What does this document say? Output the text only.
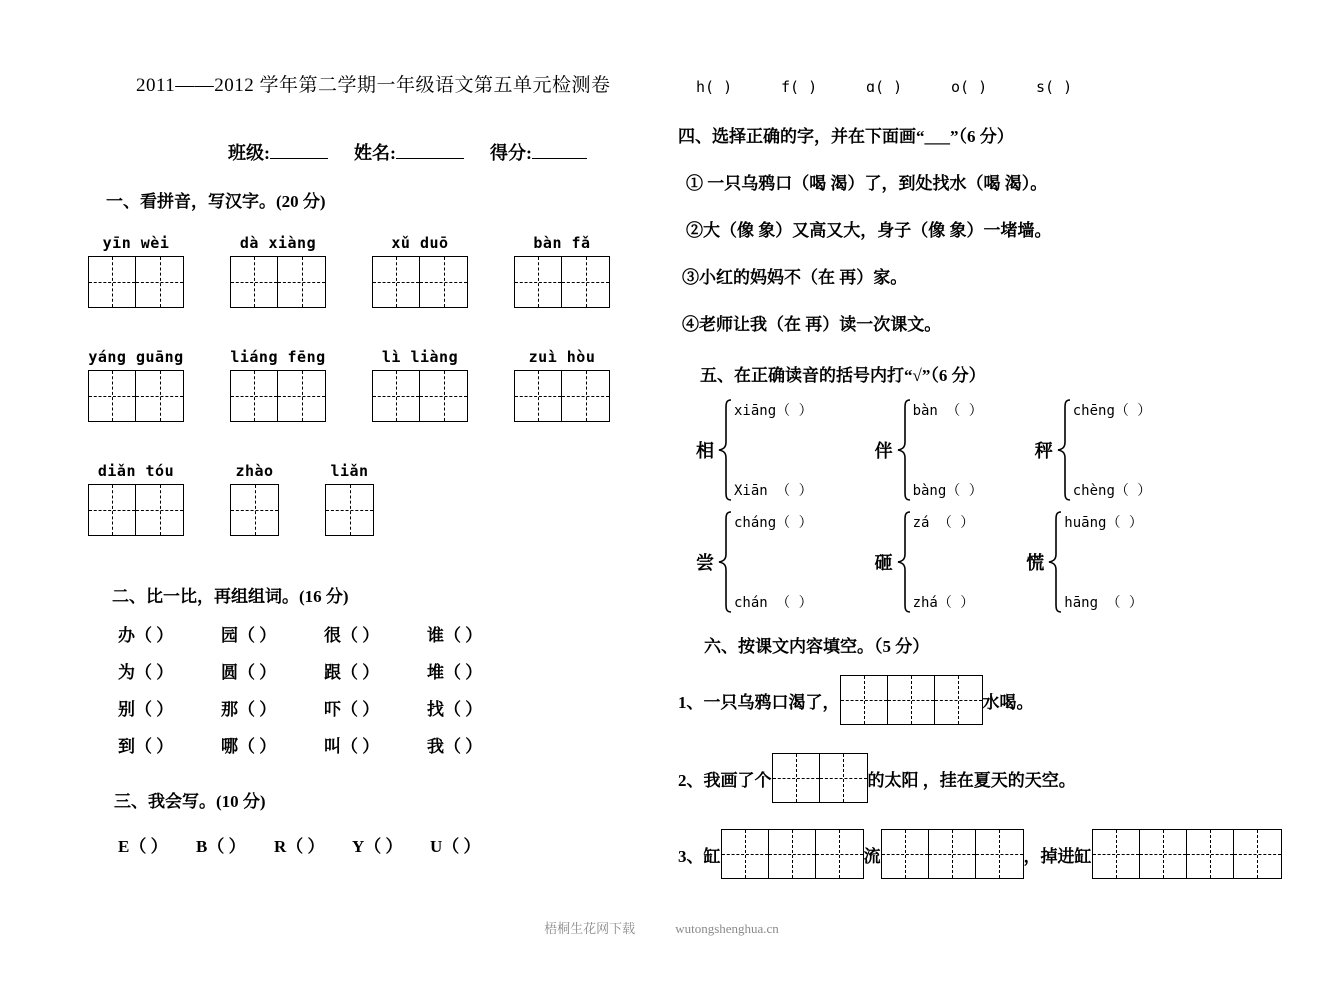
2011——2012 学年第二学期一年级语文第五单元检测卷
班级:	姓名:	得分:
一、看拼音，写汉字。(20 分)
yīn wèi	dà xiàng	xǔ duō	bàn fǎ
yáng guāng	liáng fēng	lì liàng	zuì hòu
diǎn tóu	zhào	liǎn
二、比一比，再组组词。(16 分)
办（ ）	园（ ）	很（ ）	谁（ ）
为（ ）	圆（ ）	跟（ ）	堆（ ）
别（ ）	那（ ）	吓（ ）	找（ ）
到（ ）	哪（ ）	叫（ ）	我（ ）
三、我会写。(10 分)
E（ ） B（ ） R（ ） Y（ ） U（ ）
h( )	f( )	ɑ( )	o( )	s( )
四、选择正确的字，并在下面画“___”（6 分）
① 一只乌鸦口（喝 渴）了，到处找水（喝 渴）。
②大（像 象）又高又大，身子（像 象）一堵墙。
③小红的妈妈不（在 再）家。
④老师让我（在 再）读一次课文。
五、在正确读音的括号内打“√”（6 分）
相
xiāng（ ）
Xiān （ ）
伴
bàn （ ）
bàng（ ）
秤
chēng（ ）
chèng（ ）
尝
cháng（ ）
chán （ ）
砸
zá （ ）
zhá（ ）
慌
huāng（ ）
hāng （ ）
六、按课文内容填空。（5 分）
1、一只乌鸦口渴了，	水喝。
2、我画了个	的太阳 ，挂在夏天的天空。
3、缸	流	，掉进缸
梧桐生花网下载	wutongshenghua.cn
